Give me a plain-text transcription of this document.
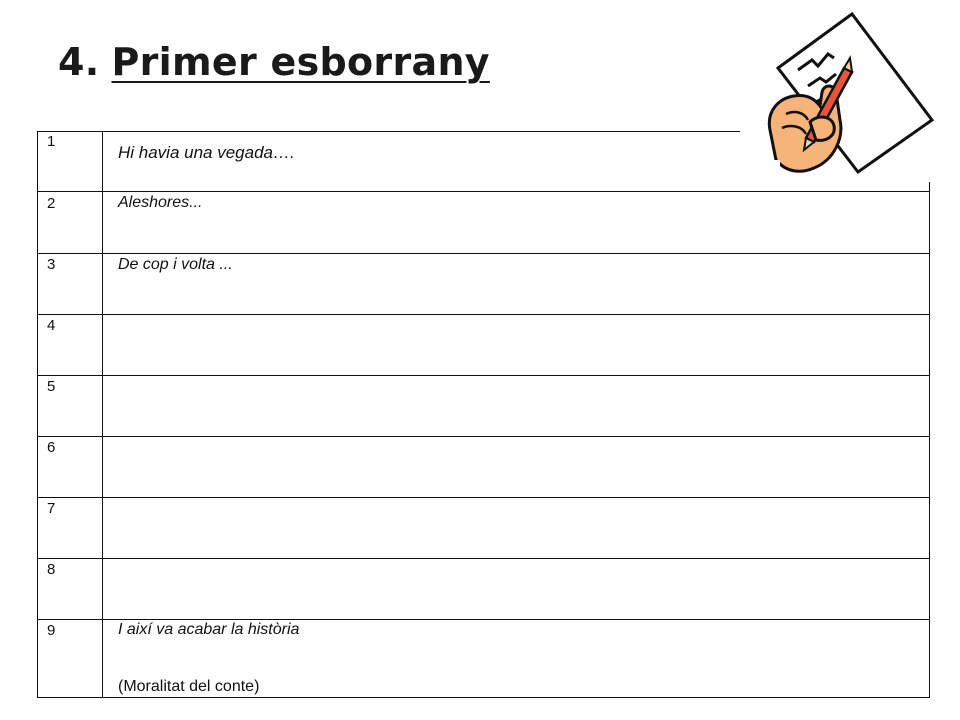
4. Primer esborrany
1
2
3
4
5
6
7
8
9
Hi havia una vegada….
Aleshores...
De cop i volta ...
I així va acabar la història
(Moralitat del conte)
